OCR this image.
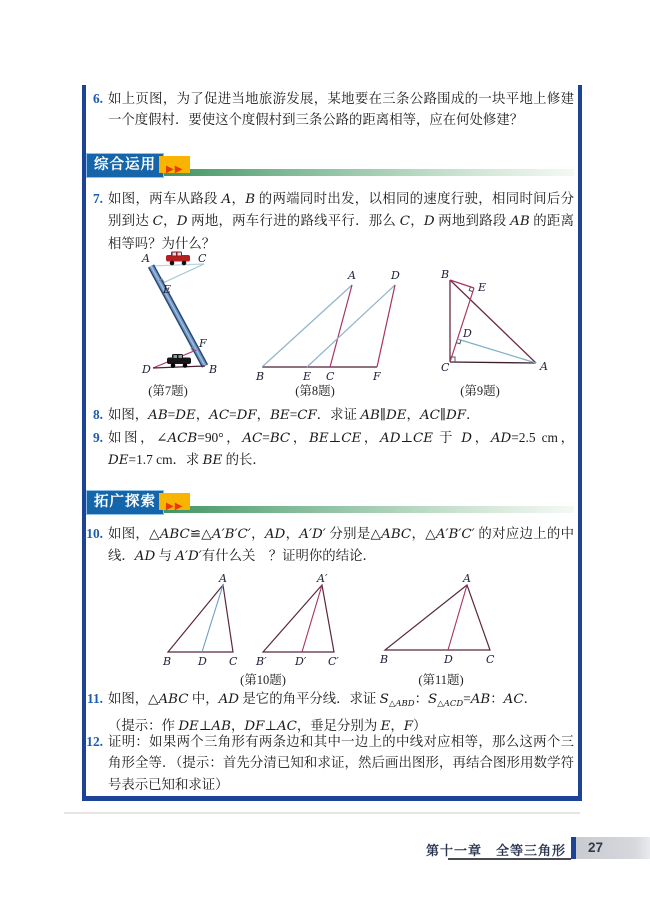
6. 如上页图，为了促进当地旅游发展，某地要在三条公路围成的一块平地上修建一个度假村．要使这个度假村到三条公路的距离相等，应在何处修建？
综合运用	▶▶
7. 如图，两车从路段 A，B 的两端同时出发，以相同的速度行驶，相同时间后分别到达 C，D 两地，两车行进的路线平行．那么 C，D 两地到路段 AB 的距离相等吗？为什么？
A	C
E
F
D	B
(第7题)
A	D
B	E C	F
(第8题)
B
E
D
C	A
(第9题)
8. 如图，AB=DE，AC=DF，BE=CF．求证 AB∥DE，AC∥DF．
9. 如图，∠ACB=90°，AC=BC，BE⊥CE，AD⊥CE 于 D，AD=2.5 cm，DE=1.7 cm．求 BE 的长．
拓广探索	▶▶
10. 如图，△ABC≌△A′B′C′，AD，A′D′ 分别是△ABC，△A′B′C′ 的对应边上的中线．AD 与 A′D′有什么关　？证明你的结论．
A
B D C
A′
B′	D′ C′
(第10题)
A
B	D	C
(第11题)
11. 如图，△ABC 中，AD 是它的角平分线．求证 $S_{\triangle ABD}$：$S_{\triangle ACD}=AB$：AC．
（提示：作 DE⊥AB，DF⊥AC，垂足分别为 E，F）
12. 证明：如果两个三角形有两条边和其中一边上的中线对应相等，那么这两个三角形全等．（提示：首先分清已知和求证，然后画出图形，再结合图形用数学符号表示已知和求证）
第十一章　全等三角形 27
